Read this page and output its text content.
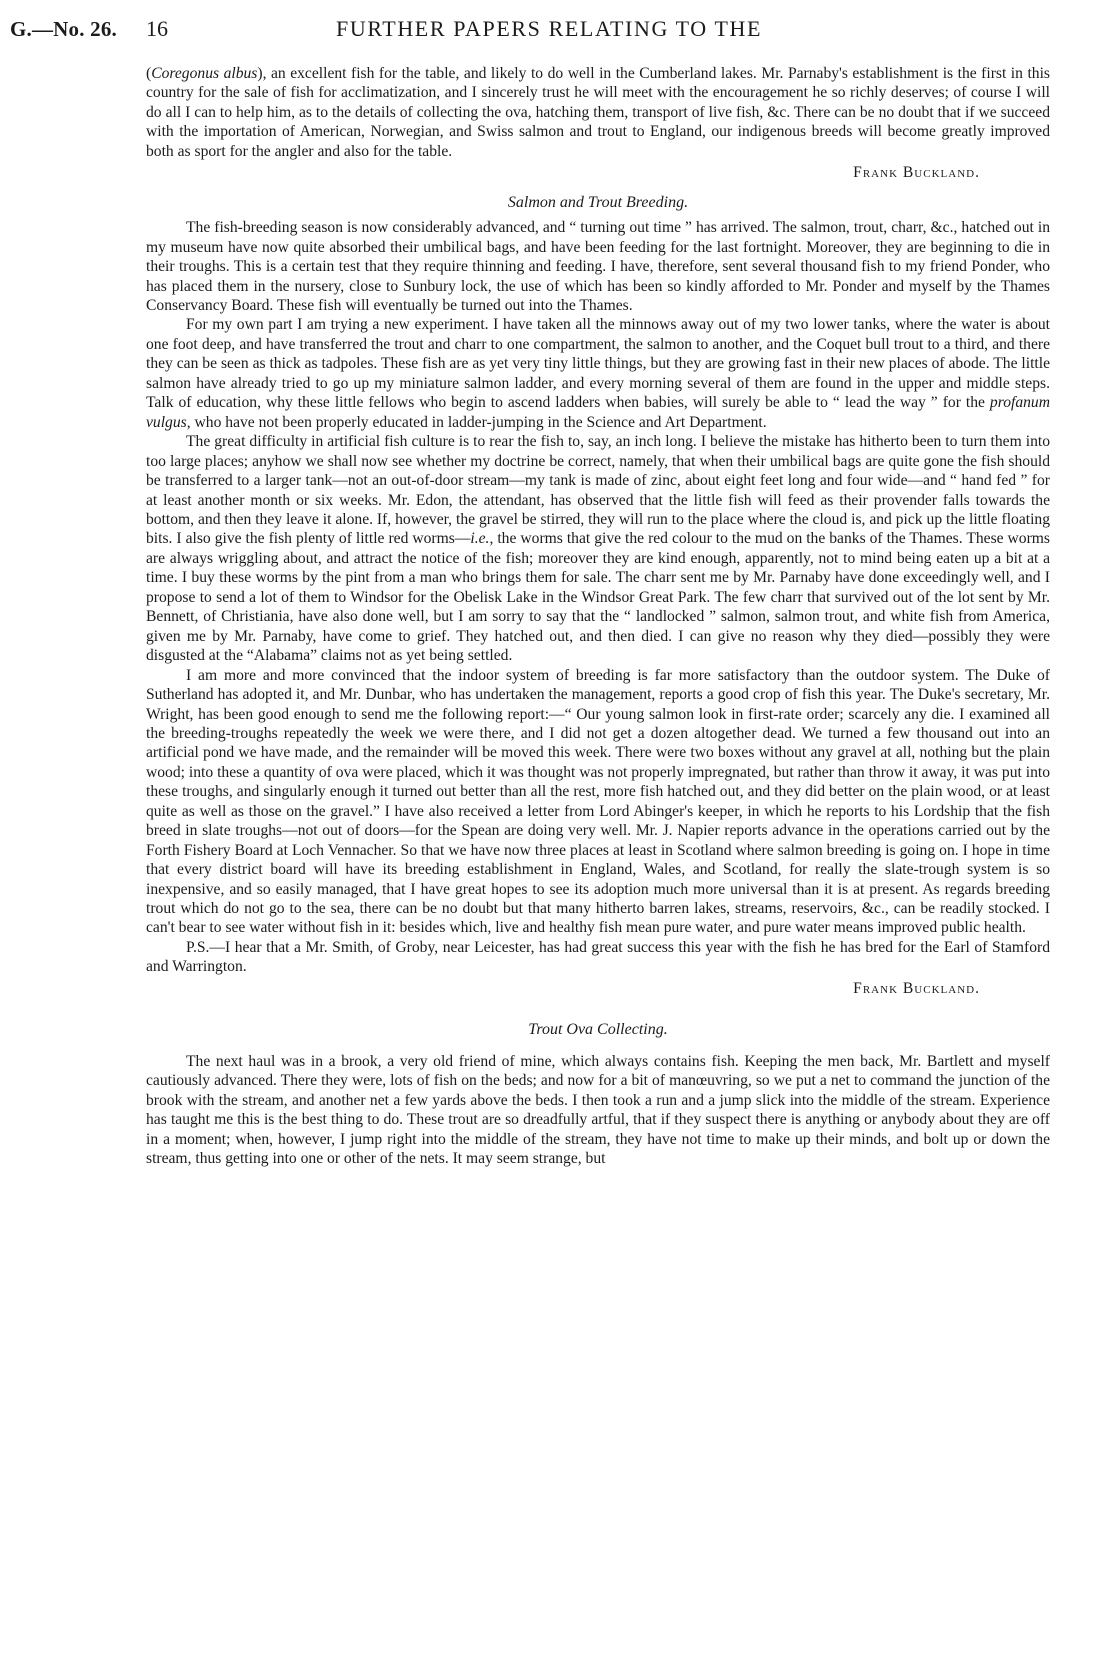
G.—No. 26.	16	FURTHER PAPERS RELATING TO THE

(Coregonus albus), an excellent fish for the table, and likely to do well in the Cumberland lakes. Mr. Parnaby's establishment is the first in this country for the sale of fish for acclimatization, and I sincerely trust he will meet with the encouragement he so richly deserves; of course I will do all I can to help him, as to the details of collecting the ova, hatching them, transport of live fish, &c. There can be no doubt that if we succeed with the importation of American, Norwegian, and Swiss salmon and trout to England, our indigenous breeds will become greatly improved both as sport for the angler and also for the table.

Frank Buckland.
Salmon and Trout Breeding.

The fish-breeding season is now considerably advanced, and “ turning out time ” has arrived. The salmon, trout, charr, &c., hatched out in my museum have now quite absorbed their umbilical bags, and have been feeding for the last fortnight. Moreover, they are beginning to die in their troughs. This is a certain test that they require thinning and feeding. I have, therefore, sent several thousand fish to my friend Ponder, who has placed them in the nursery, close to Sunbury lock, the use of which has been so kindly afforded to Mr. Ponder and myself by the Thames Conservancy Board. These fish will eventually be turned out into the Thames.

For my own part I am trying a new experiment. I have taken all the minnows away out of my two lower tanks, where the water is about one foot deep, and have transferred the trout and charr to one compartment, the salmon to another, and the Coquet bull trout to a third, and there they can be seen as thick as tadpoles. These fish are as yet very tiny little things, but they are growing fast in their new places of abode. The little salmon have already tried to go up my miniature salmon ladder, and every morning several of them are found in the upper and middle steps. Talk of education, why these little fellows who begin to ascend ladders when babies, will surely be able to “ lead the way ” for the profanum vulgus, who have not been properly educated in ladder-jumping in the Science and Art Department.

The great difficulty in artificial fish culture is to rear the fish to, say, an inch long. I believe the mistake has hitherto been to turn them into too large places; anyhow we shall now see whether my doctrine be correct, namely, that when their umbilical bags are quite gone the fish should be transferred to a larger tank—not an out-of-door stream—my tank is made of zinc, about eight feet long and four wide—and “ hand fed ” for at least another month or six weeks. Mr. Edon, the attendant, has observed that the little fish will feed as their provender falls towards the bottom, and then they leave it alone. If, however, the gravel be stirred, they will run to the place where the cloud is, and pick up the little floating bits. I also give the fish plenty of little red worms—i.e., the worms that give the red colour to the mud on the banks of the Thames. These worms are always wriggling about, and attract the notice of the fish; moreover they are kind enough, apparently, not to mind being eaten up a bit at a time. I buy these worms by the pint from a man who brings them for sale. The charr sent me by Mr. Parnaby have done exceedingly well, and I propose to send a lot of them to Windsor for the Obelisk Lake in the Windsor Great Park. The few charr that survived out of the lot sent by Mr. Bennett, of Christiania, have also done well, but I am sorry to say that the “ landlocked ” salmon, salmon trout, and white fish from America, given me by Mr. Parnaby, have come to grief. They hatched out, and then died. I can give no reason why they died—possibly they were disgusted at the “Alabama” claims not as yet being settled.

I am more and more convinced that the indoor system of breeding is far more satisfactory than the outdoor system. The Duke of Sutherland has adopted it, and Mr. Dunbar, who has undertaken the management, reports a good crop of fish this year. The Duke's secretary, Mr. Wright, has been good enough to send me the following report:—“ Our young salmon look in first-rate order; scarcely any die. I examined all the breeding-troughs repeatedly the week we were there, and I did not get a dozen altogether dead. We turned a few thousand out into an artificial pond we have made, and the remainder will be moved this week. There were two boxes without any gravel at all, nothing but the plain wood; into these a quantity of ova were placed, which it was thought was not properly impregnated, but rather than throw it away, it was put into these troughs, and singularly enough it turned out better than all the rest, more fish hatched out, and they did better on the plain wood, or at least quite as well as those on the gravel.” I have also received a letter from Lord Abinger's keeper, in which he reports to his Lordship that the fish breed in slate troughs—not out of doors—for the Spean are doing very well. Mr. J. Napier reports advance in the operations carried out by the Forth Fishery Board at Loch Vennacher. So that we have now three places at least in Scotland where salmon breeding is going on. I hope in time that every district board will have its breeding establishment in England, Wales, and Scotland, for really the slate-trough system is so inexpensive, and so easily managed, that I have great hopes to see its adoption much more universal than it is at present. As regards breeding trout which do not go to the sea, there can be no doubt but that many hitherto barren lakes, streams, reservoirs, &c., can be readily stocked. I can't bear to see water without fish in it: besides which, live and healthy fish mean pure water, and pure water means improved public health.

P.S.—I hear that a Mr. Smith, of Groby, near Leicester, has had great success this year with the fish he has bred for the Earl of Stamford and Warrington.

Frank Buckland.
Trout Ova Collecting.

The next haul was in a brook, a very old friend of mine, which always contains fish. Keeping the men back, Mr. Bartlett and myself cautiously advanced. There they were, lots of fish on the beds; and now for a bit of manœuvring, so we put a net to command the junction of the brook with the stream, and another net a few yards above the beds. I then took a run and a jump slick into the middle of the stream. Experience has taught me this is the best thing to do. These trout are so dreadfully artful, that if they suspect there is anything or anybody about they are off in a moment; when, however, I jump right into the middle of the stream, they have not time to make up their minds, and bolt up or down the stream, thus getting into one or other of the nets. It may seem strange, but
